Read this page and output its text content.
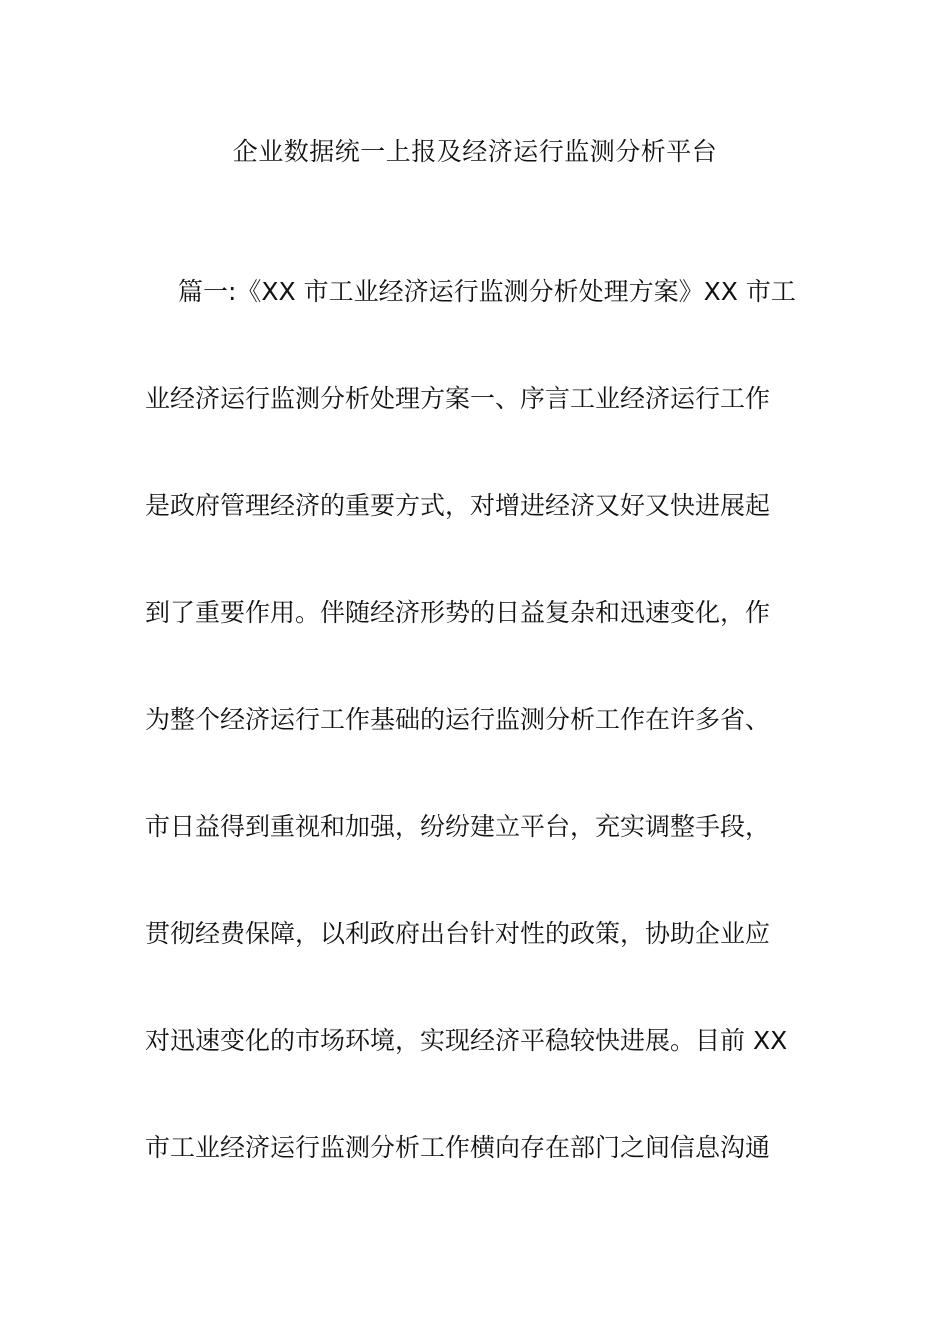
企业数据统一上报及经济运行监测分析平台

篇一:《XX 市工业经济运行监测分析处理方案》XX 市工

业经济运行监测分析处理方案一、序言工业经济运行工作

是政府管理经济的重要方式，对增进经济又好又快进展起

到了重要作用。伴随经济形势的日益复杂和迅速变化，作

为整个经济运行工作基础的运行监测分析工作在许多省、

市日益得到重视和加强，纷纷建立平台，充实调整手段，

贯彻经费保障，以利政府出台针对性的政策，协助企业应

对迅速变化的市场环境，实现经济平稳较快进展。目前 XX

市工业经济运行监测分析工作横向存在部门之间信息沟通
